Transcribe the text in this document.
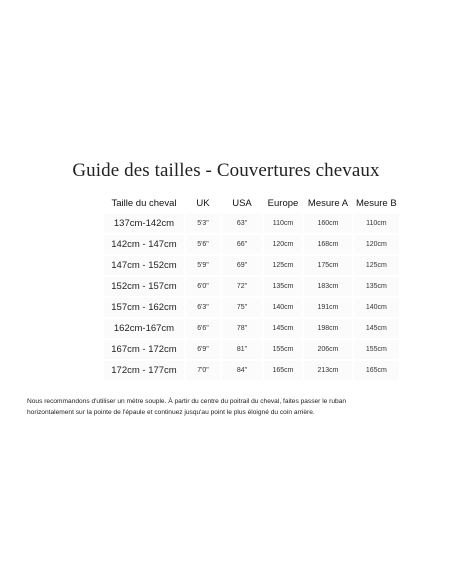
Guide des tailles - Couvertures chevaux
Taille du cheval	UK	USA	Europe	Mesure A	Mesure B
137cm-142cm	5'3"	63"	110cm	160cm	110cm
142cm - 147cm	5'6"	66"	120cm	168cm	120cm
147cm - 152cm	5'9"	69"	125cm	175cm	125cm
152cm - 157cm	6'0"	72"	135cm	183cm	135cm
157cm - 162cm	6'3"	75"	140cm	191cm	140cm
162cm-167cm	6'6"	78"	145cm	198cm	145cm
167cm - 172cm	6'9"	81"	155cm	206cm	155cm
172cm - 177cm	7'0"	84"	165cm	213cm	165cm

Nous recommandons d'utiliser un mètre souple. À partir du centre du poitrail du cheval, faites passer le ruban
horizontalement sur la pointe de l'épaule et continuez jusqu'au point le plus éloigné du coin arrière.
